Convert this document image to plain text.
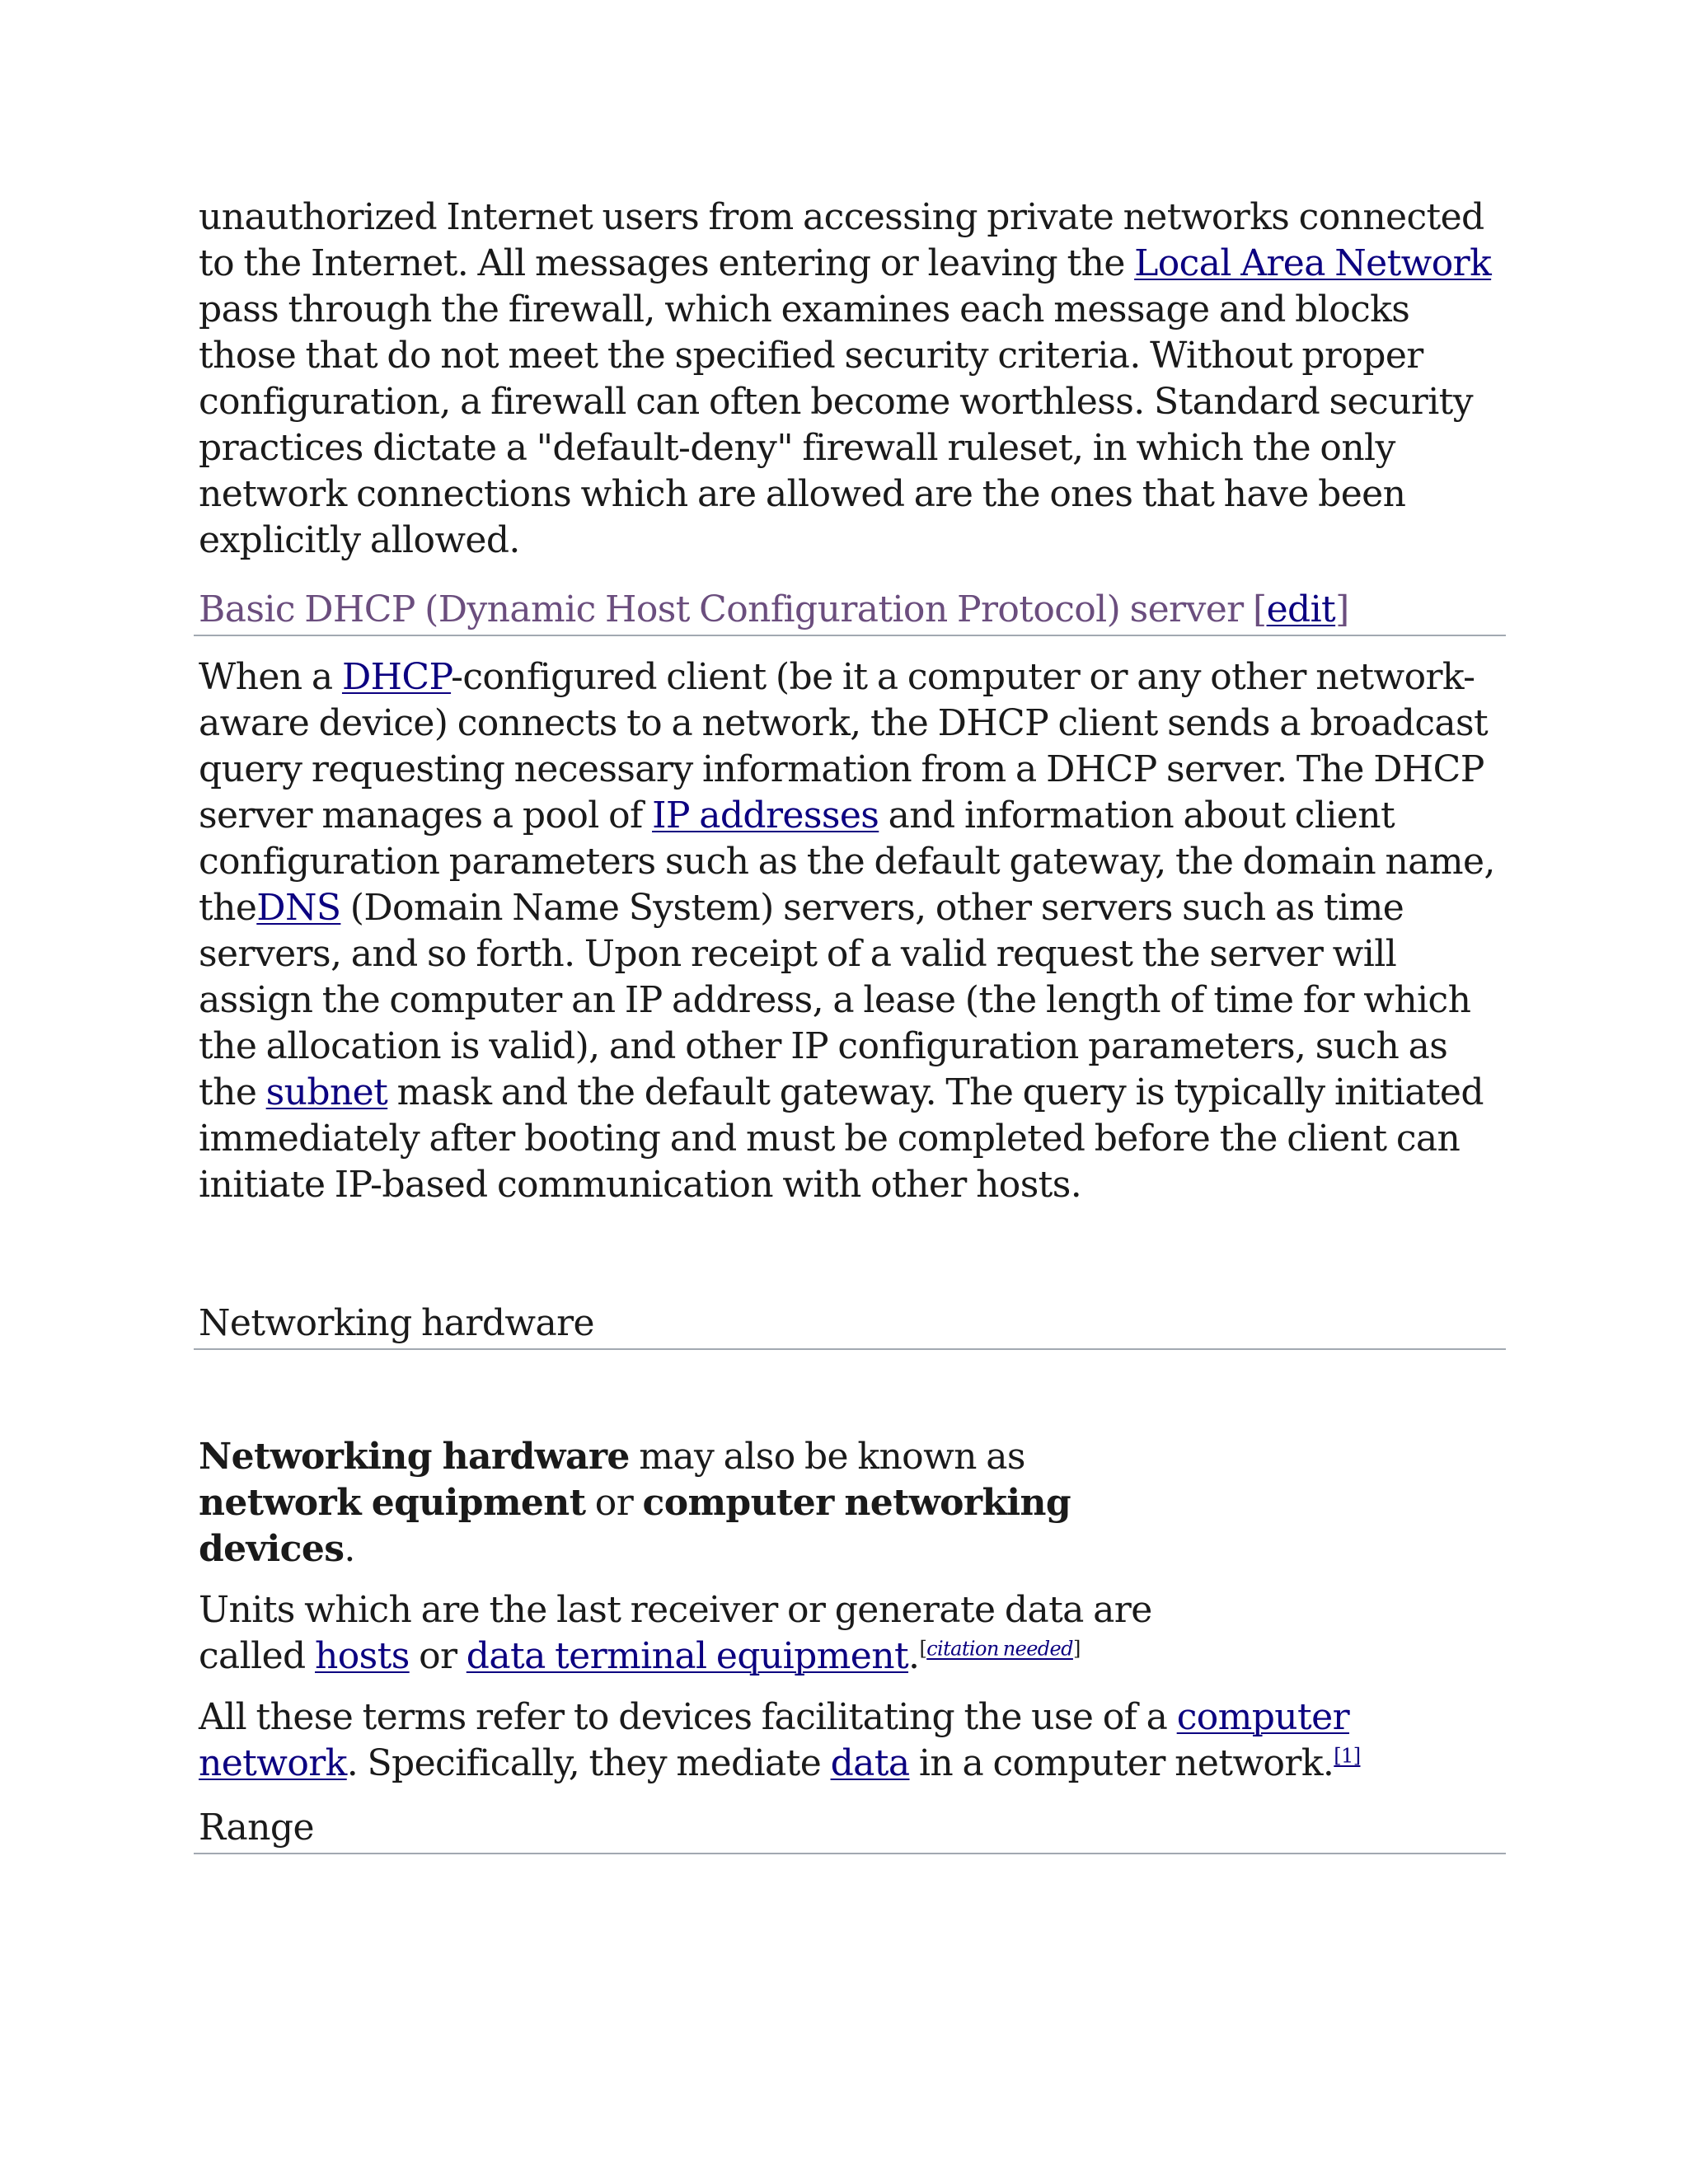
unauthorized Internet users from accessing private networks connected to the Internet. All messages entering or leaving the Local Area Network pass through the firewall, which examines each message and blocks those that do not meet the specified security criteria. Without proper configuration, a firewall can often become worthless. Standard security practices dictate a "default-deny" firewall ruleset, in which the only network connections which are allowed are the ones that have been explicitly allowed.

Basic DHCP (Dynamic Host Configuration Protocol) server [edit]

When a DHCP-configured client (be it a computer or any other network-aware device) connects to a network, the DHCP client sends a broadcast query requesting necessary information from a DHCP server. The DHCP server manages a pool of IP addresses and information about client configuration parameters such as the default gateway, the domain name, theDNS (Domain Name System) servers, other servers such as time servers, and so forth. Upon receipt of a valid request the server will assign the computer an IP address, a lease (the length of time for which the allocation is valid), and other IP configuration parameters, such as the subnet mask and the default gateway. The query is typically initiated immediately after booting and must be completed before the client can initiate IP-based communication with other hosts.

Networking hardware

Networking hardware may also be known as network equipment or computer networking devices.

Units which are the last receiver or generate data are called hosts or data terminal equipment.[citation needed]

All these terms refer to devices facilitating the use of a computer network. Specifically, they mediate data in a computer network.[1]

Range
